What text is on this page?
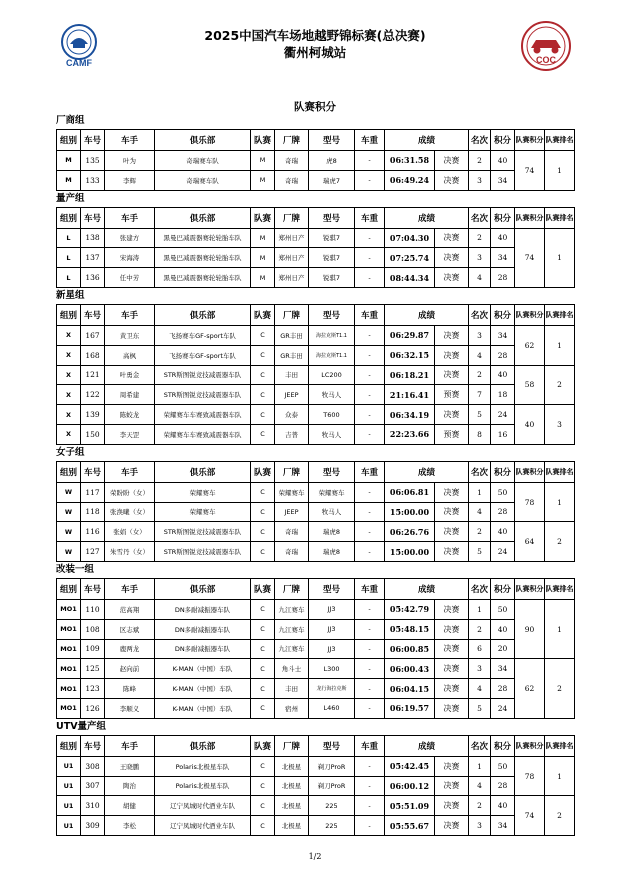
CAMF
2025中国汽车场地越野锦标赛(总决赛)
衢州柯城站	COC
队赛积分
厂商组
组别	车号	车手	俱乐部	队赛	厂牌	型号	车重	成绩		名次	积分	队赛积分	队赛排名
M	135	叶为	奇瑞赛车队	M	奇瑞	虎8	-	06:31.58	决赛	2	40	74	1
M	133	李辉	奇瑞赛车队	M	奇瑞	瑞虎7	-	06:49.24	决赛	3	34		
量产组
组别	车号	车手	俱乐部	队赛	厂牌	型号	车重	成绩		名次	积分	队赛积分	队赛排名
L	138	张建方	黑曼巴减震器赛轮轮胎车队	M	郑州日产	锐骐7	-	07:04.30	决赛	2	40	74	1
L	137	宋海涛	黑曼巴减震器赛轮轮胎车队	M	郑州日产	锐骐7	-	07:25.74	决赛	3	34		
L	136	任中芳	黑曼巴减震器赛轮轮胎车队	M	郑州日产	锐骐7	-	08:44.34	决赛	4	28		
新星组
组别	车号	车手	俱乐部	队赛	厂牌	型号	车重	成绩		名次	积分	队赛积分	队赛排名
X	167	黄卫东	飞扬赛车GF-sport车队	C	GR丰田	海拉克斯T1.1	-	06:29.87	决赛	3	34	62	1
X	168	高枫	飞扬赛车GF-sport车队	C	GR丰田	海拉克斯T1.1	-	06:32.15	决赛	4	28		
X	121	叶勇金	STR斯图锐竞技减震器车队	C	丰田	LC200	-	06:18.21	决赛	2	40	58	2
X	122	周希建	STR斯图锐竞技减震器车队	C	JEEP	牧马人	-	21:16.41	预赛	7	18		
X	139	陈蛟龙	荣耀赛车车赛致减震器车队	C	众泰	T600	-	06:34.19	决赛	5	24	40	3
X	150	李天罡	荣耀赛车车赛致减震器车队	C	吉普	牧马人	-	22:23.66	预赛	8	16		
女子组
组别	车号	车手	俱乐部	队赛	厂牌	型号	车重	成绩		名次	积分	队赛积分	队赛排名
W	117	荣盼盼（女）	荣耀赛车	C	荣耀赛车	荣耀赛车	-	06:06.81	决赛	1	50	78	1
W	118	张涣曦（女）	荣耀赛车	C	JEEP	牧马人	-	15:00.00	决赛	4	28		
W	116	张娟（女）	STR斯图锐竞技减震器车队	C	奇瑞	瑞虎8	-	06:26.76	决赛	2	40	64	2
W	127	朱雪丹（女）	STR斯图锐竞技减震器车队	C	奇瑞	瑞虎8	-	15:00.00	决赛	5	24		
改装一组
组别	车号	车手	俱乐部	队赛	厂牌	型号	车重	成绩		名次	积分	队赛积分	队赛排名
MO1	110	范高翔	DN多耐减振器车队	C	九江赛车	JJ3	-	05:42.79	决赛	1	50	90	1
MO1	108	区志斌	DN多耐减振器车队	C	九江赛车	JJ3	-	05:48.15	决赛	2	40		
MO1	109	鹿两龙	DN多耐减振器车队	C	九江赛车	JJ3	-	06:00.85	决赛	6	20		
MO1	125	赵向前	K-MAN（中国）车队	C	角斗士	L300	-	06:00.43	决赛	3	34	62	2
MO1	123	陈峰	K-MAN（中国）车队	C	丰田	龙行海拉克斯	-	06:04.15	决赛	4	28		
MO1	126	李顺义	K-MAN（中国）车队	C	宿州	L460	-	06:19.57	决赛	5	24		
UTV量产组
组别	车号	车手	俱乐部	队赛	厂牌	型号	车重	成绩		名次	积分	队赛积分	队赛排名
U1	308	王晓鹏	Polaris北极星车队	C	北极星	剃刀ProR	-	05:42.45	决赛	1	50	78	1
U1	307	陶治	Polaris北极星车队	C	北极星	剃刀ProR	-	06:00.12	决赛	4	28		
U1	310	胡健	辽宁凤城时代酒业车队	C	北极星	225	-	05:51.09	决赛	2	40	74	2
U1	309	李松	辽宁凤城时代酒业车队	C	北极星	225	-	05:55.67	决赛	3	34		
1/2
